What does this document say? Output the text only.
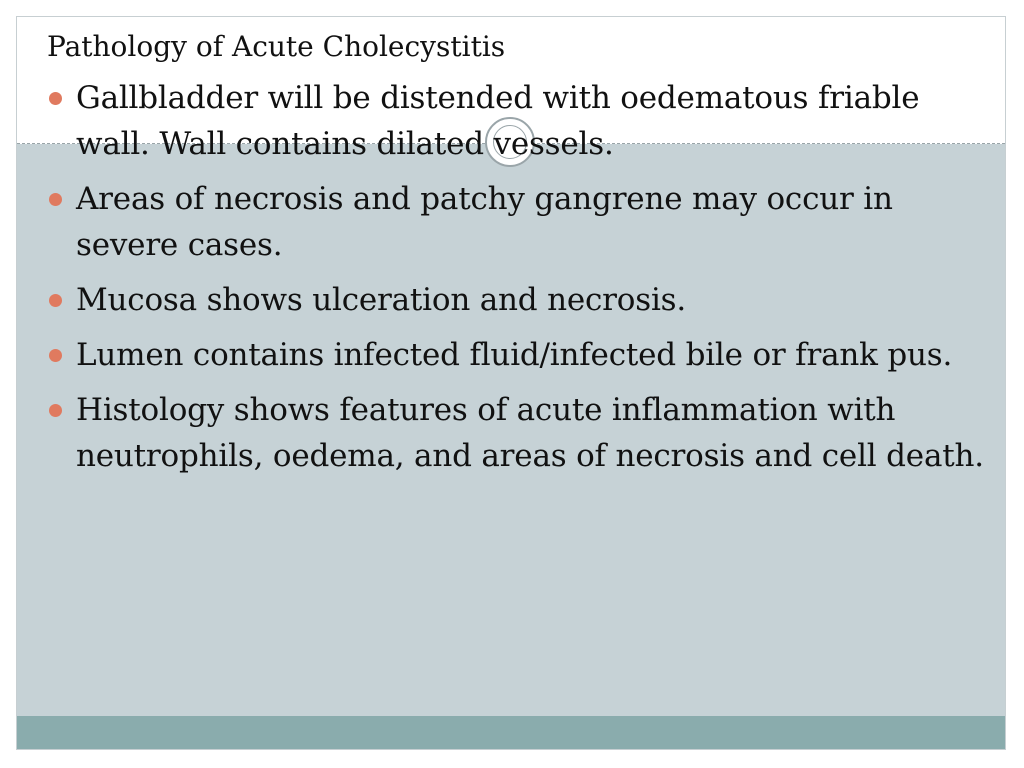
Pathology of Acute Cholecystitis
Gallbladder will be distended with oedematous friable wall. Wall contains dilated vessels.
Areas of necrosis and patchy gangrene may occur in severe cases.
Mucosa shows ulceration and necrosis.
Lumen contains infected fluid/infected bile or frank pus.
Histology shows features of acute inflammation with neutrophils, oedema, and areas of necrosis and cell death.
